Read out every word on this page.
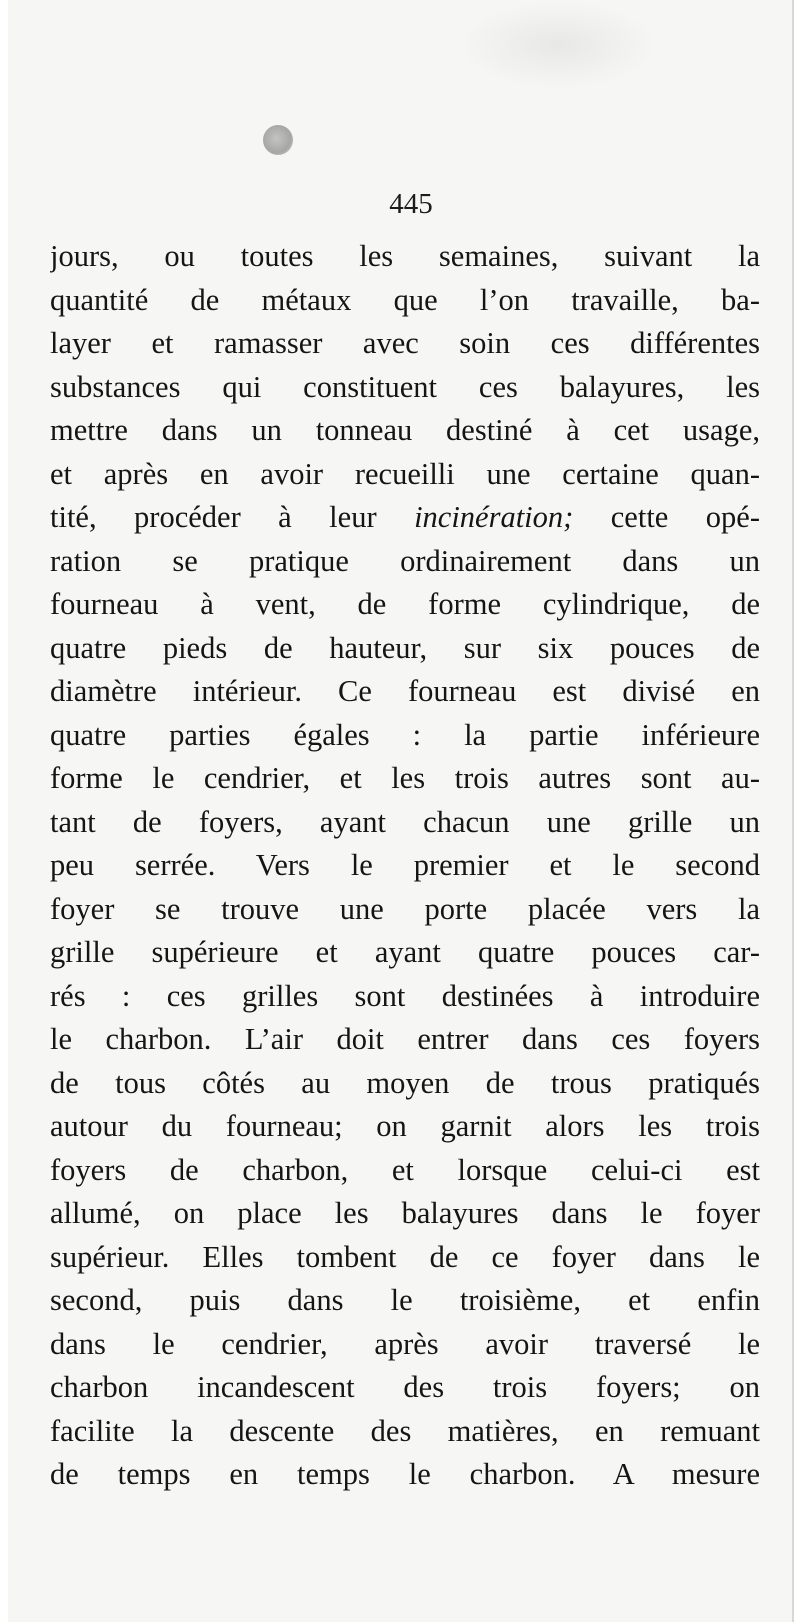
445
jours, ou toutes les semaines, suivant la
quantité de métaux que l’on travaille, ba-
layer et ramasser avec soin ces différentes
substances qui constituent ces balayures, les
mettre dans un tonneau destiné à cet usage,
et après en avoir recueilli une certaine quan-
tité, procéder à leur incinération; cette opé-
ration se pratique ordinairement dans un
fourneau à vent, de forme cylindrique, de
quatre pieds de hauteur, sur six pouces de
diamètre intérieur. Ce fourneau est divisé en
quatre parties égales : la partie inférieure
forme le cendrier, et les trois autres sont au-
tant de foyers, ayant chacun une grille un
peu serrée. Vers le premier et le second
foyer se trouve une porte placée vers la
grille supérieure et ayant quatre pouces car-
rés : ces grilles sont destinées à introduire
le charbon. L’air doit entrer dans ces foyers
de tous côtés au moyen de trous pratiqués
autour du fourneau; on garnit alors les trois
foyers de charbon, et lorsque celui-ci est
allumé, on place les balayures dans le foyer
supérieur. Elles tombent de ce foyer dans le
second, puis dans le troisième, et enfin
dans le cendrier, après avoir traversé le
charbon incandescent des trois foyers; on
facilite la descente des matières, en remuant
de temps en temps le charbon. A mesure
